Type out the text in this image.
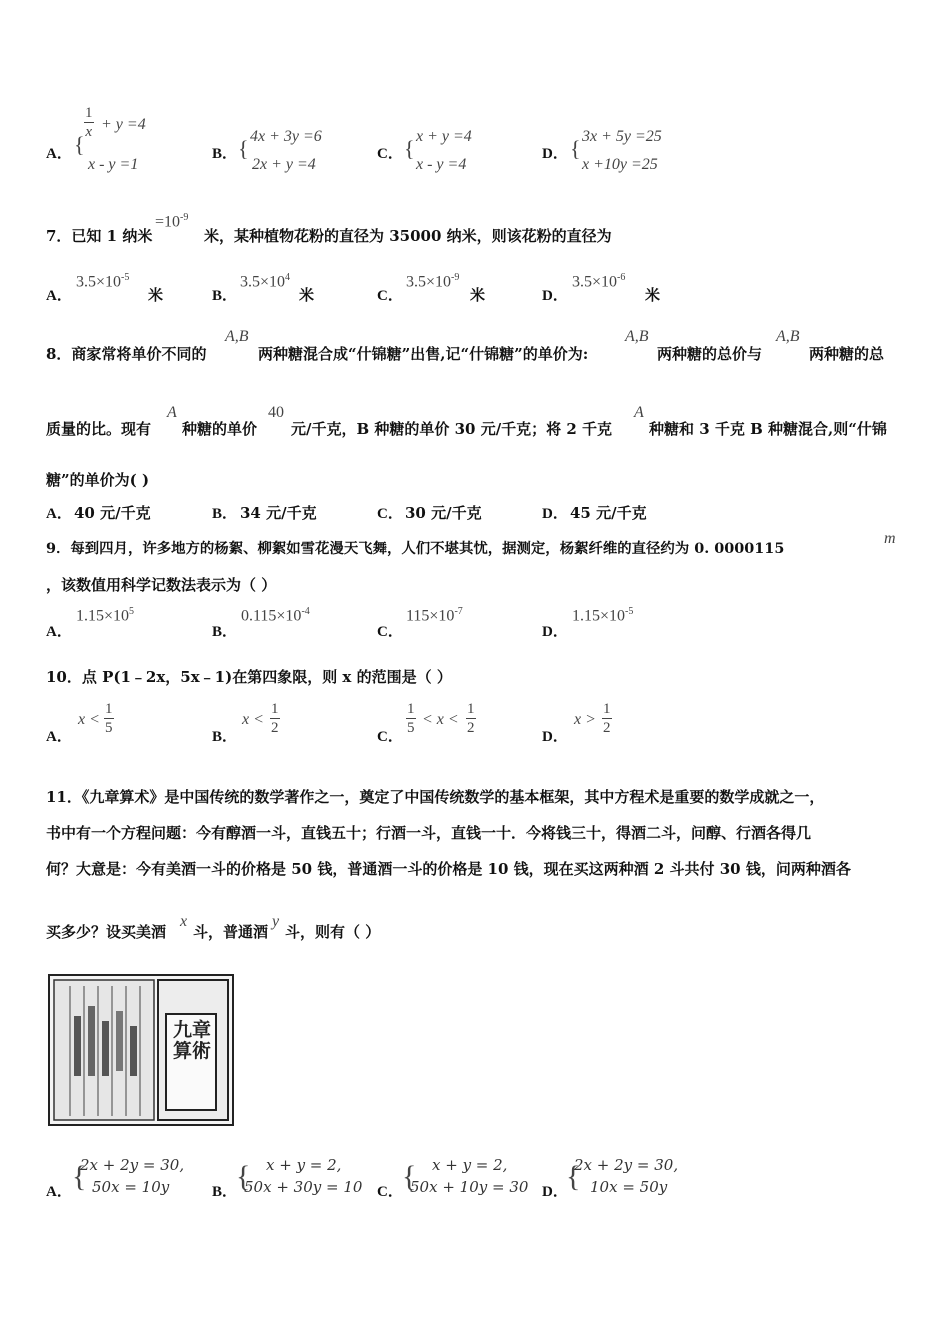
A． {
$\frac{1}{x} + y =4$
x - y =1
B． { 4x + 3y =6
2x + y =4
C． { x + y =4
x - y =4
D． { 3x + 5y =25
x +10y =25
7．已知 1 纳米
$=10^{-9}$
米，某种植物花粉的直径为 35000 纳米，则该花粉的直径为
A．
$3.5\times 10^{-5}$
米	B．
$3.5\times 10^4$
米	C．
$3.5\times 10^{-9}$
米	D．
$3.5\times 10^{-6}$
米
8．商家常将单价不同的
A,B
两种糖混合成“什锦糖”出售,记“什锦糖”的单价为:
A,B
两种糖的总价与
A,B
两种糖的总
质量的比。现有
A
种糖的单价
40
元/千克，B 种糖的单价 30 元/千克；将 2 千克
A
种糖和 3 千克 B 种糖混合,则“什锦
糖”的单价为( )
A． 40 元/千克	B． 34 元/千克	C． 30 元/千克	D． 45 元/千克
9．每到四月，许多地方的杨絮、柳絮如雪花漫天飞舞，人们不堪其忧，据测定，杨絮纤维的直径约为 0. 0000115
m
，该数值用科学记数法表示为（ ）
A．
$1.15\times 10^5$
B．
$0.115\times 10^{-4}$
C．
$115\times 10^{-7}$
D．
$1.15\times 10^{-5}$
10．点 P(1﹣2x，5x﹣1)在第四象限，则 x 的范围是（ ）
A．
$x < \frac{1}{5}$	B．
$x < \frac{1}{2}$	C． $\frac{1}{5} < x < \frac{1}{2}$	D．
$x > \frac{1}{2}$
11．《九章算术》是中国传统的数学著作之一，奠定了中国传统数学的基本框架，其中方程术是重要的数学成就之一，
书中有一个方程问题：今有醇酒一斗，直钱五十；行酒一斗，直钱一十．今将钱三十，得酒二斗，问醇、行酒各得几
何？大意是：今有美酒一斗的价格是 50 钱，普通酒一斗的价格是 10 钱，现在买这两种酒 2 斗共付 30 钱，问两种酒各
买多少？设买美酒
x
斗，普通酒
y
斗，则有（ ）
九章算術
A． {
2x + 2y = 30,
50x = 10y	B．
{ x + y = 2,
50x + 30y = 10 C． { x + y = 2,
50x + 10y = 30 D．
{
2x + 2y = 30,
10x = 50y
